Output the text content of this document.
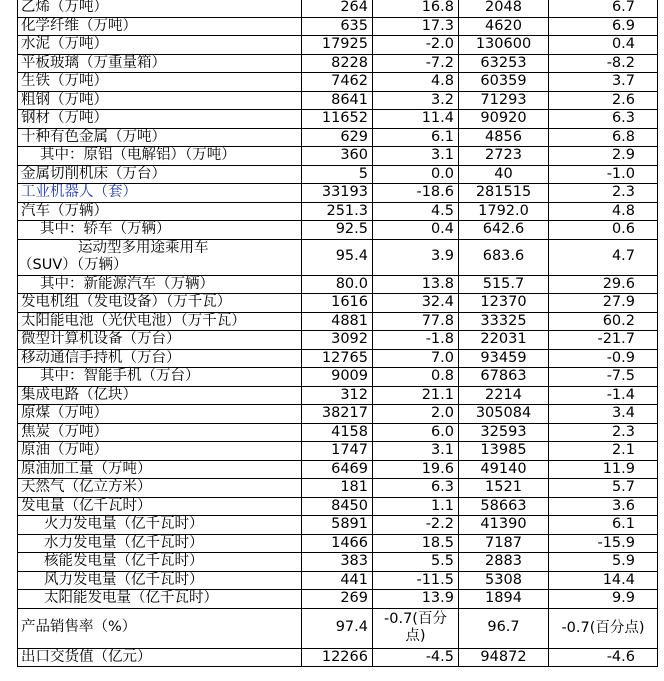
乙烯（万吨）	264	16.8	2048	6.7
化学纤维（万吨）	635	17.3	4620	6.9
水泥（万吨）	17925	-2.0	130600	0.4
平板玻璃（万重量箱）	8228	-7.2	63253	-8.2
生铁（万吨）	7462	4.8	60359	3.7
粗钢（万吨）	8641	3.2	71293	2.6
钢材（万吨）	11652	11.4	90920	6.3
十种有色金属（万吨）	629	6.1	4856	6.8
其中：原铝（电解铝）（万吨）	360	3.1	2723	2.9
金属切削机床（万台）	5	0.0	40	-1.0
工业机器人（套）	33193	-18.6	281515	2.3
汽车（万辆）	251.3	4.5	1792.0	4.8
其中：轿车（万辆）	92.5	0.4	642.6	0.6

运动型多用途乘用车
（SUV）（万辆）	95.4	3.9	683.6	4.7
其中：新能源汽车（万辆）	80.0	13.8	515.7	29.6
发电机组（发电设备）（万千瓦）	1616	32.4	12370	27.9
太阳能电池（光伏电池）（万千瓦）	4881	77.8	33325	60.2
微型计算机设备（万台）	3092	-1.8	22031	-21.7
移动通信手持机（万台）	12765	7.0	93459	-0.9
其中：智能手机（万台）	9009	0.8	67863	-7.5
集成电路（亿块）	312	21.1	2214	-1.4
原煤（万吨）	38217	2.0	305084	3.4
焦炭（万吨）	4158	6.0	32593	2.3
原油（万吨）	1747	3.1	13985	2.1
原油加工量（万吨）	6469	19.6	49140	11.9
天然气（亿立方米）	181	6.3	1521	5.7
发电量（亿千瓦时）	8450	1.1	58663	3.6
火力发电量（亿千瓦时）	5891	-2.2	41390	6.1
水力发电量（亿千瓦时）	1466	18.5	7187	-15.9
核能发电量（亿千瓦时）	383	5.5	2883	5.9
风力发电量（亿千瓦时）	441	-11.5	5308	14.4
太阳能发电量（亿千瓦时）	269	13.9	1894	9.9
产品销售率（%）	97.4	-0.7(百分点)	96.7	-0.7(百分点)
出口交货值（亿元）	12266	-4.5	94872	-4.6
